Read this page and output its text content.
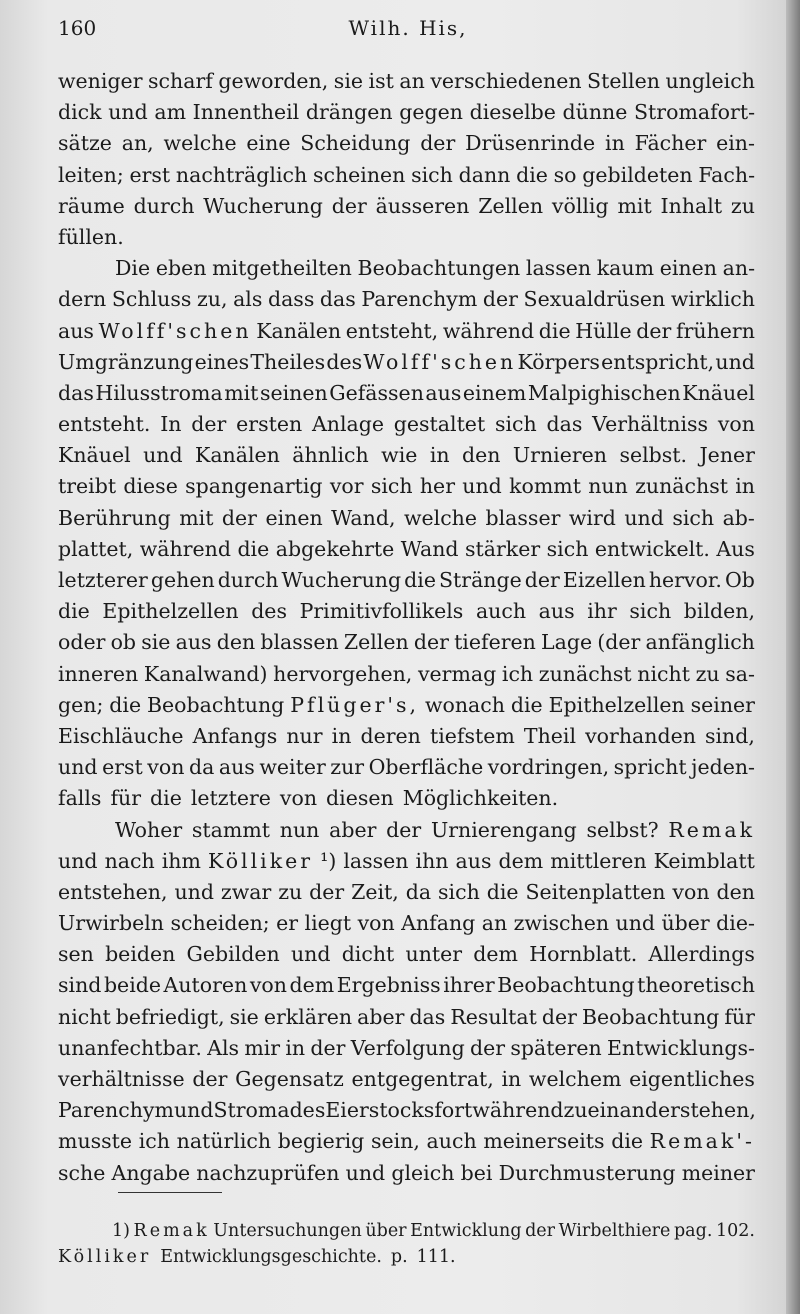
Wilh. His,
160
weniger scharf geworden, sie ist an verschiedenen Stellen ungleich
dick und am Innentheil drängen gegen dieselbe dünne Stromafort-
sätze an, welche eine Scheidung der Drüsenrinde in Fächer ein-
leiten; erst nachträglich scheinen sich dann die so gebildeten Fach-
räume durch Wucherung der äusseren Zellen völlig mit Inhalt zu
füllen.
Die eben mitgetheilten Beobachtungen lassen kaum einen an-
dern Schluss zu, als dass das Parenchym der Sexualdrüsen wirklich
aus Wolff'schen Kanälen entsteht, während die Hülle der frühern
Umgränzung eines Theiles des Wolff'schen Körpers entspricht, und
das Hilusstroma mit seinen Gefässen aus einem Malpighischen Knäuel
entsteht. In der ersten Anlage gestaltet sich das Verhältniss von
Knäuel und Kanälen ähnlich wie in den Urnieren selbst. Jener
treibt diese spangenartig vor sich her und kommt nun zunächst in
Berührung mit der einen Wand, welche blasser wird und sich ab-
plattet, während die abgekehrte Wand stärker sich entwickelt. Aus
letzterer gehen durch Wucherung die Stränge der Eizellen hervor. Ob
die Epithelzellen des Primitivfollikels auch aus ihr sich bilden,
oder ob sie aus den blassen Zellen der tieferen Lage (der anfänglich
inneren Kanalwand) hervorgehen, vermag ich zunächst nicht zu sa-
gen; die Beobachtung Pflüger's, wonach die Epithelzellen seiner
Eischläuche Anfangs nur in deren tiefstem Theil vorhanden sind,
und erst von da aus weiter zur Oberfläche vordringen, spricht jeden-
falls für die letztere von diesen Möglichkeiten.
Woher stammt nun aber der Urnierengang selbst? Remak
und nach ihm Kölliker ¹) lassen ihn aus dem mittleren Keimblatt
entstehen, und zwar zu der Zeit, da sich die Seitenplatten von den
Urwirbeln scheiden; er liegt von Anfang an zwischen und über die-
sen beiden Gebilden und dicht unter dem Hornblatt. Allerdings
sind beide Autoren von dem Ergebniss ihrer Beobachtung theoretisch
nicht befriedigt, sie erklären aber das Resultat der Beobachtung für
unanfechtbar. Als mir in der Verfolgung der späteren Entwicklungs-
verhältnisse der Gegensatz entgegentrat, in welchem eigentliches
Parenchym und Stroma des Eierstocks fortwährend zu einander stehen,
musste ich natürlich begierig sein, auch meinerseits die Remak'-
sche Angabe nachzuprüfen und gleich bei Durchmusterung meiner
1) Remak Untersuchungen über Entwicklung der Wirbelthiere pag. 102.
Kölliker Entwicklungsgeschichte. p. 111.
